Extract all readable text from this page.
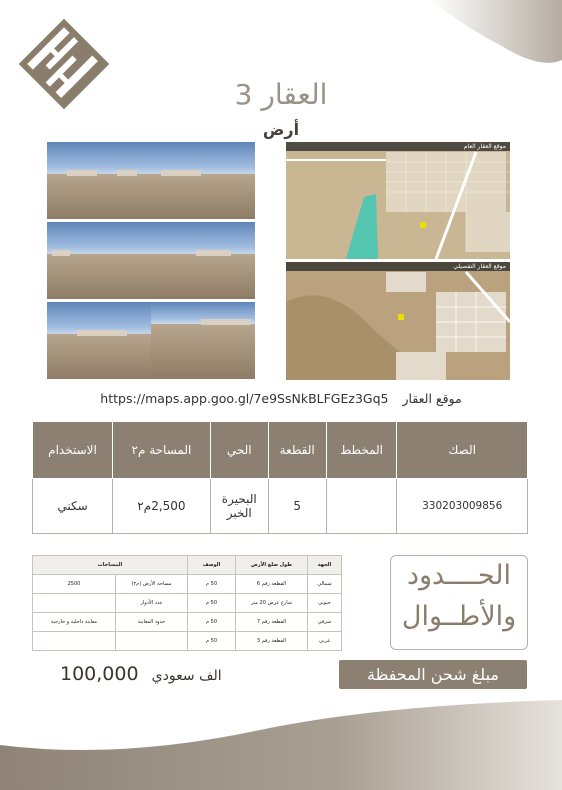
العقار 3
أرض
موقع العقار العام
موقع العقار التفصيلي
https://maps.app.goo.gl/7e9SsNkBLFGEz3Gq5 موقع العقار
الصك	المخطط	القطعة	الحي	المساحة م٢	الاستخدام
330203009856		5	البحيرة
الخبر	2,500م٢	سكني
الجهة	طول ضلع الأرض	الوصف	المساحات	
شمالي	القطعة رقم 6	50 م	مساحة الأرض (م٢)	2500
جنوبي	شارع عرض 20 متر	50 م	عدد الأدوار	
شرقي	القطعة رقم 7	50 م	حدود المعاينة	معاينة داخلية و خارجية
غربي	القطعة رقم 3	50 م		
الحــــدود
والأطــوال
مبلغ شحن المحفظة
الف سعودي 100,000
